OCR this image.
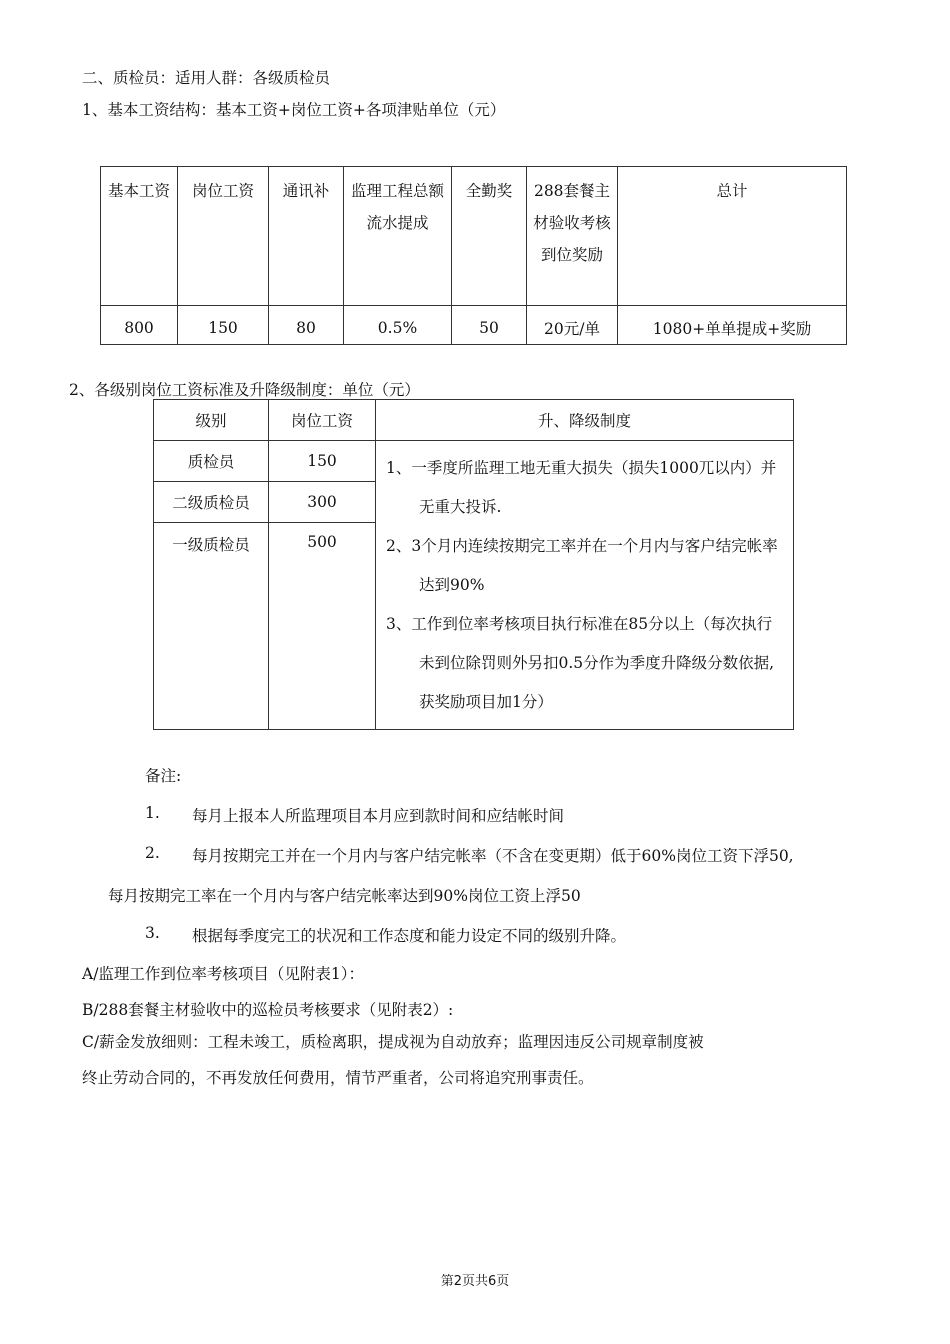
二、质检员：适用人群：各级质检员
1、基本工资结构：基本工资+岗位工资+各项津贴单位（元）
基本工资	岗位工资	通讯补	监理工程总额流水提成	全勤奖	288套餐主材验收考核到位奖励	总计
800	150	80	0.5%	50	20元/单	1080+单单提成+奖励
2、各级别岗位工资标准及升降级制度：单位（元）
级别	岗位工资	升、降级制度
质检员	150	1、一季度所监理工地无重大损失（损失1000兀以内）并无重大投诉.
2、3个月内连续按期完工率并在一个月内与客户结完帐率达到90%
3、工作到位率考核项目执行标准在85分以上（每次执行未到位除罚则外另扣0.5分作为季度升降级分数依据,获奖励项目加1分）

二级质检员	300	
一级质检员	500	
备注:
1. 每月上报本人所监理项目本月应到款时间和应结帐时间
2. 每月按期完工并在一个月内与客户结完帐率（不含在变更期）低于60%岗位工资下浮50,
每月按期完工率在一个月内与客户结完帐率达到90%岗位工资上浮50
3. 根据每季度完工的状况和工作态度和能力设定不同的级别升降。
A/监理工作到位率考核项目（见附表1）：
B/288套餐主材验收中的巡检员考核要求（见附表2）:
C/薪金发放细则：工程未竣工，质检离职，提成视为自动放弃；监理因违反公司规章制度被
终止劳动合同的，不再发放任何费用，情节严重者，公司将追究刑事责任。
第2页共6页
